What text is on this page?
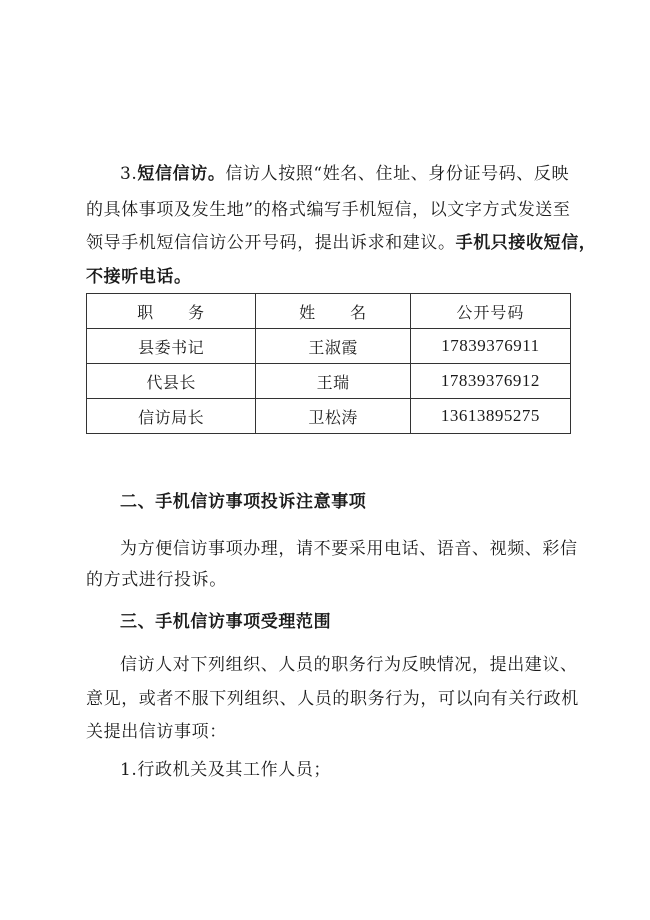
3.短信信访。信访人按照“姓名、住址、身份证号码、反映
的具体事项及发生地”的格式编写手机短信，以文字方式发送至
领导手机短信信访公开号码，提出诉求和建议。手机只接收短信，
不接听电话。
职　　务	姓　　名	公开号码
县委书记	王淑霞	17839376911
代县长	王瑞	17839376912
信访局长	卫松涛	13613895275
二、手机信访事项投诉注意事项
为方便信访事项办理，请不要采用电话、语音、视频、彩信
的方式进行投诉。
三、手机信访事项受理范围
信访人对下列组织、人员的职务行为反映情况，提出建议、
意见，或者不服下列组织、人员的职务行为，可以向有关行政机
关提出信访事项：
1.行政机关及其工作人员；
